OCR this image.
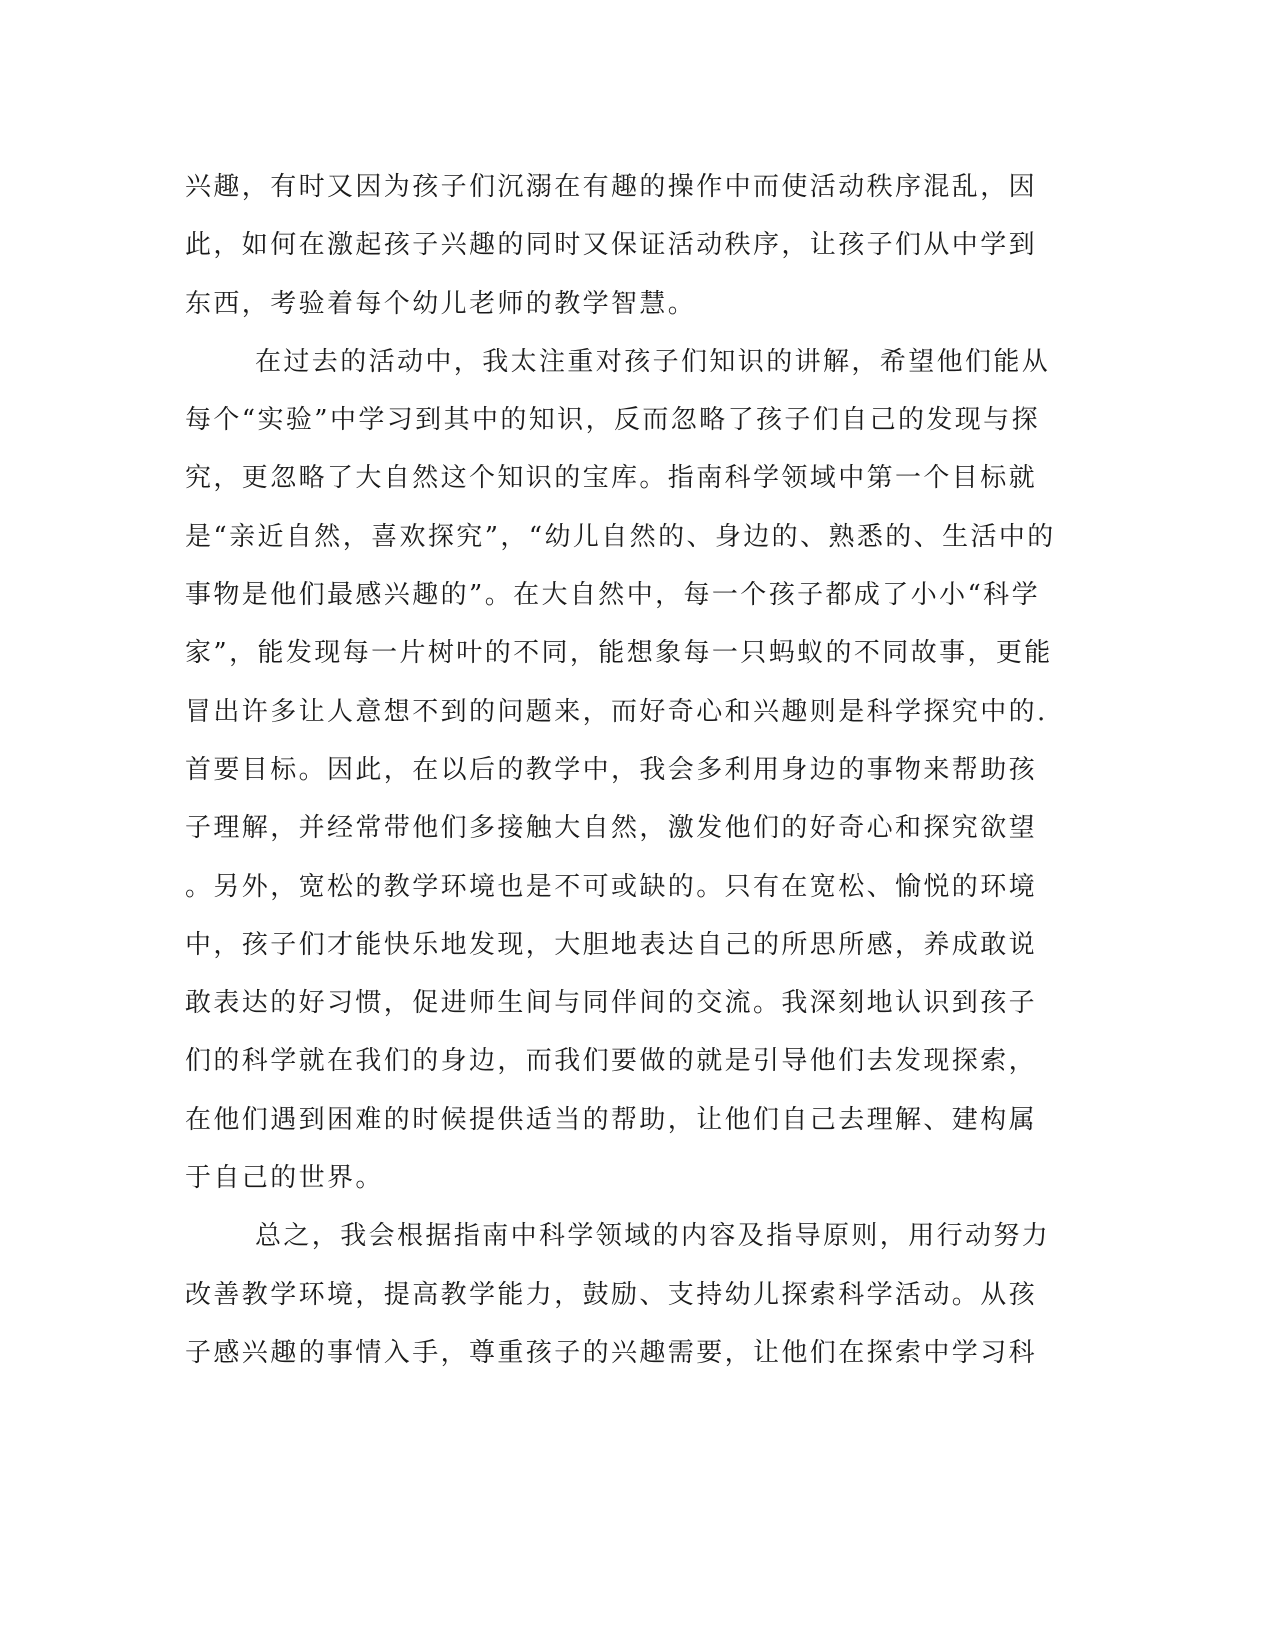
兴趣，有时又因为孩子们沉溺在有趣的操作中而使活动秩序混乱，因
此，如何在激起孩子兴趣的同时又保证活动秩序，让孩子们从中学到
东西，考验着每个幼儿老师的教学智慧。
在过去的活动中，我太注重对孩子们知识的讲解，希望他们能从
每个“实验”中学习到其中的知识，反而忽略了孩子们自己的发现与探
究，更忽略了大自然这个知识的宝库。指南科学领域中第一个目标就
是“亲近自然，喜欢探究”，“幼儿自然的、身边的、熟悉的、生活中的
事物是他们最感兴趣的”。在大自然中，每一个孩子都成了小小“科学
家”，能发现每一片树叶的不同，能想象每一只蚂蚁的不同故事，更能
冒出许多让人意想不到的问题来，而好奇心和兴趣则是科学探究中的.
首要目标。因此，在以后的教学中，我会多利用身边的事物来帮助孩
子理解，并经常带他们多接触大自然，激发他们的好奇心和探究欲望
。另外，宽松的教学环境也是不可或缺的。只有在宽松、愉悦的环境
中，孩子们才能快乐地发现，大胆地表达自己的所思所感，养成敢说
敢表达的好习惯，促进师生间与同伴间的交流。我深刻地认识到孩子
们的科学就在我们的身边，而我们要做的就是引导他们去发现探索，
在他们遇到困难的时候提供适当的帮助，让他们自己去理解、建构属
于自己的世界。
总之，我会根据指南中科学领域的内容及指导原则，用行动努力
改善教学环境，提高教学能力，鼓励、支持幼儿探索科学活动。从孩
子感兴趣的事情入手，尊重孩子的兴趣需要，让他们在探索中学习科
